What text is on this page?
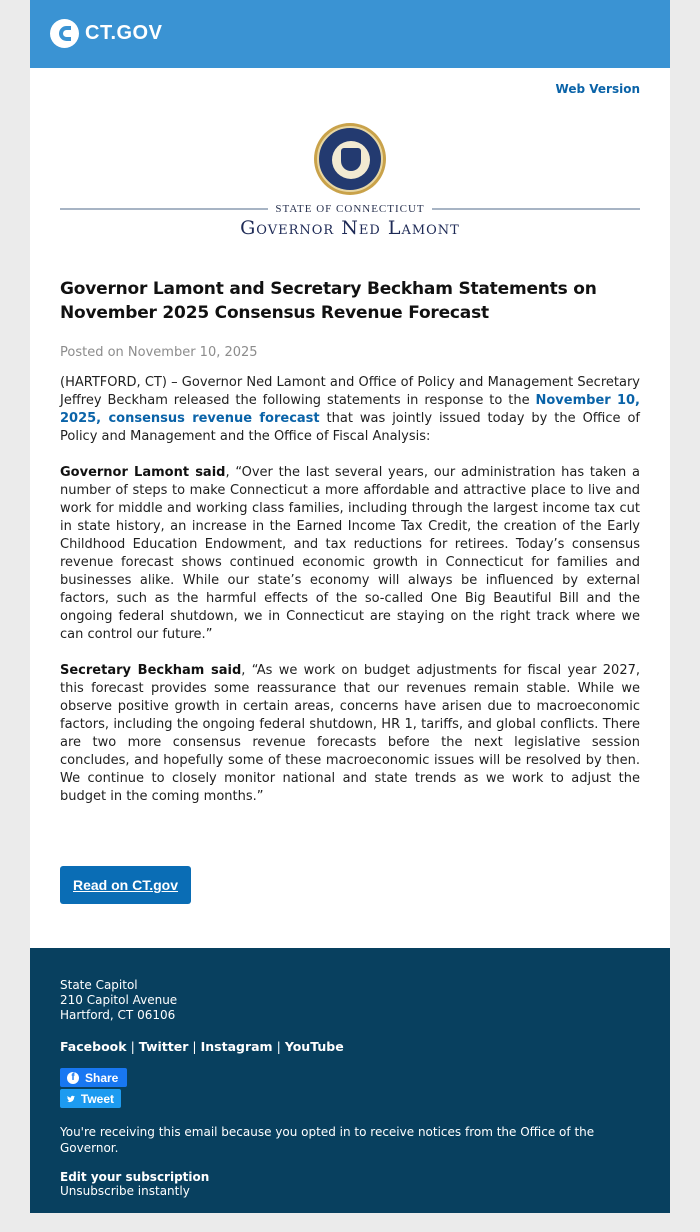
CT.GOV
Web Version
STATE OF CONNECTICUT
Governor Ned Lamont
Governor Lamont and Secretary Beckham Statements on November 2025 Consensus Revenue Forecast
Posted on November 10, 2025

(HARTFORD, CT) – Governor Ned Lamont and Office of Policy and Management Secretary Jeffrey Beckham released the following statements in response to the November 10, 2025, consensus revenue forecast that was jointly issued today by the Office of Policy and Management and the Office of Fiscal Analysis:

Governor Lamont said, “Over the last several years, our administration has taken a number of steps to make Connecticut a more affordable and attractive place to live and work for middle and working class families, including through the largest income tax cut in state history, an increase in the Earned Income Tax Credit, the creation of the Early Childhood Education Endowment, and tax reductions for retirees. Today’s consensus revenue forecast shows continued economic growth in Connecticut for families and businesses alike. While our state’s economy will always be influenced by external factors, such as the harmful effects of the so-called One Big Beautiful Bill and the ongoing federal shutdown, we in Connecticut are staying on the right track where we can control our future.”

Secretary Beckham said, “As we work on budget adjustments for fiscal year 2027, this forecast provides some reassurance that our revenues remain stable. While we observe positive growth in certain areas, concerns have arisen due to macroeconomic factors, including the ongoing federal shutdown, HR 1, tariffs, and global conflicts. There are two more consensus revenue forecasts before the next legislative session concludes, and hopefully some of these macroeconomic issues will be resolved by then. We continue to closely monitor national and state trends as we work to adjust the budget in the coming months.”

Read on CT.gov
State Capitol
210 Capitol Avenue
Hartford, CT 06106
Facebook | Twitter | Instagram | YouTube
f Share
Tweet
You're receiving this email because you opted in to receive notices from the Office of the Governor.
Edit your subscription
Unsubscribe instantly
